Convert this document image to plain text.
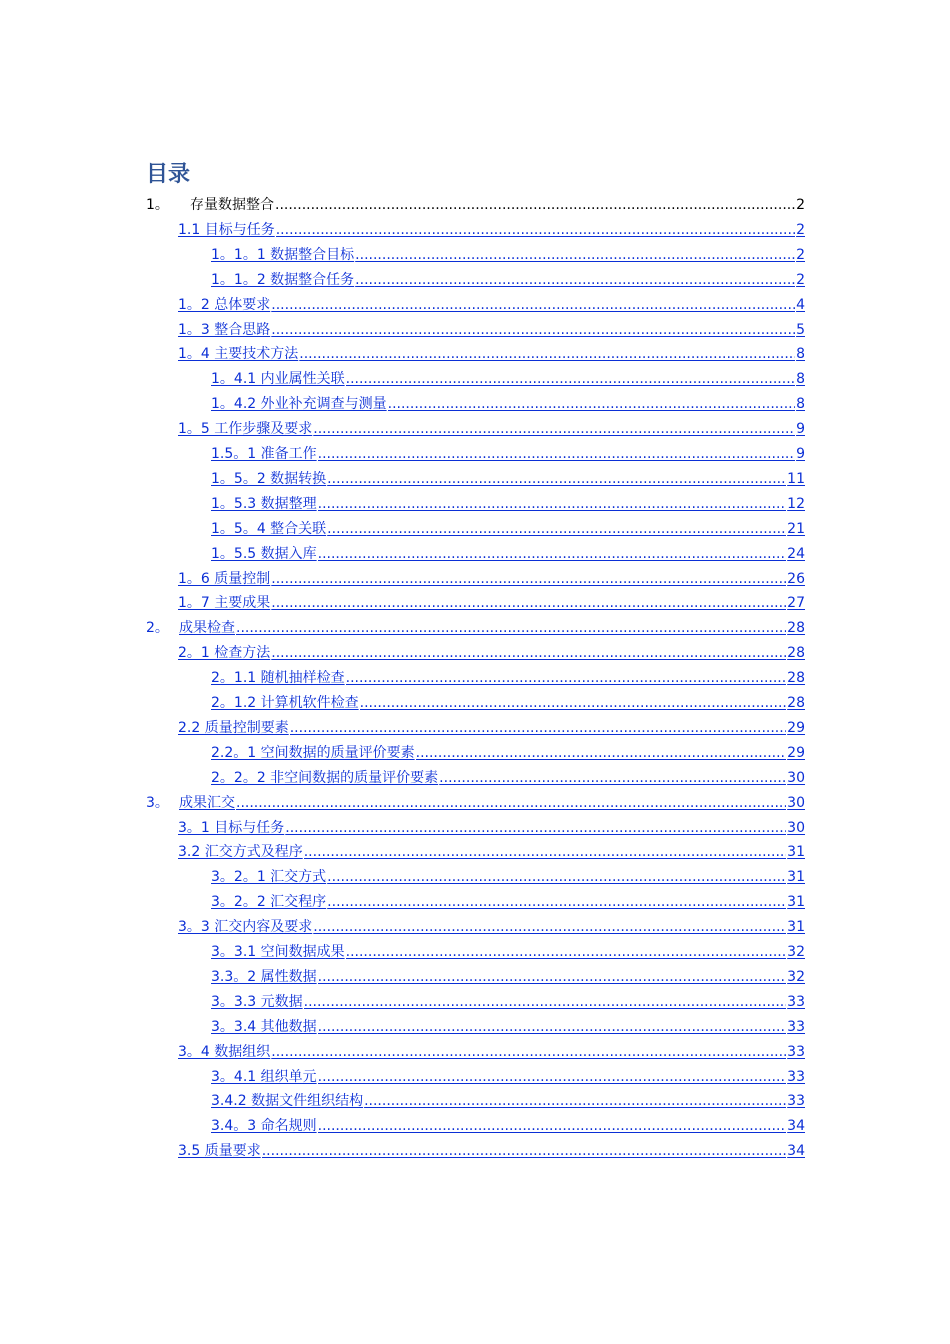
目录
1。 存量数据整合 .....	2
1.1 目标与任务 .....	2
1。1。1 数据整合目标 .....	2
1。1。2 数据整合任务 .....	2
1。2 总体要求 .....	4
1。3 整合思路 .....	5
1。4 主要技术方法 .....	8
1。4.1 内业属性关联 .....	8
1。4.2 外业补充调查与测量 .....	8
1。5 工作步骤及要求 .....	9
1.5。1 准备工作 .....	9
1。5。2 数据转换 .....	11
1。5.3 数据整理 .....	12
1。5。4 整合关联 .....	21
1。5.5 数据入库 .....	24
1。6 质量控制 .....	26
1。7 主要成果 .....	27
2。 成果检查 .....	28
2。1 检查方法 .....	28
2。1.1 随机抽样检查 .....	28
2。1.2 计算机软件检查 .....	28
2.2 质量控制要素 .....	29
2.2。1 空间数据的质量评价要素 .....	29
2。2。2 非空间数据的质量评价要素 .....	30
3。 成果汇交 .....	30
3。1 目标与任务 .....	30
3.2 汇交方式及程序 .....	31
3。2。1 汇交方式 .....	31
3。2。2 汇交程序 .....	31
3。3 汇交内容及要求 .....	31
3。3.1 空间数据成果 .....	32
3.3。2 属性数据 .....	32
3。3.3 元数据 .....	33
3。3.4 其他数据 .....	33
3。4 数据组织 .....	33
3。4.1 组织单元 .....	33
3.4.2 数据文件组织结构 .....	33
3.4。3 命名规则 .....	34
3.5 质量要求 .....	34
